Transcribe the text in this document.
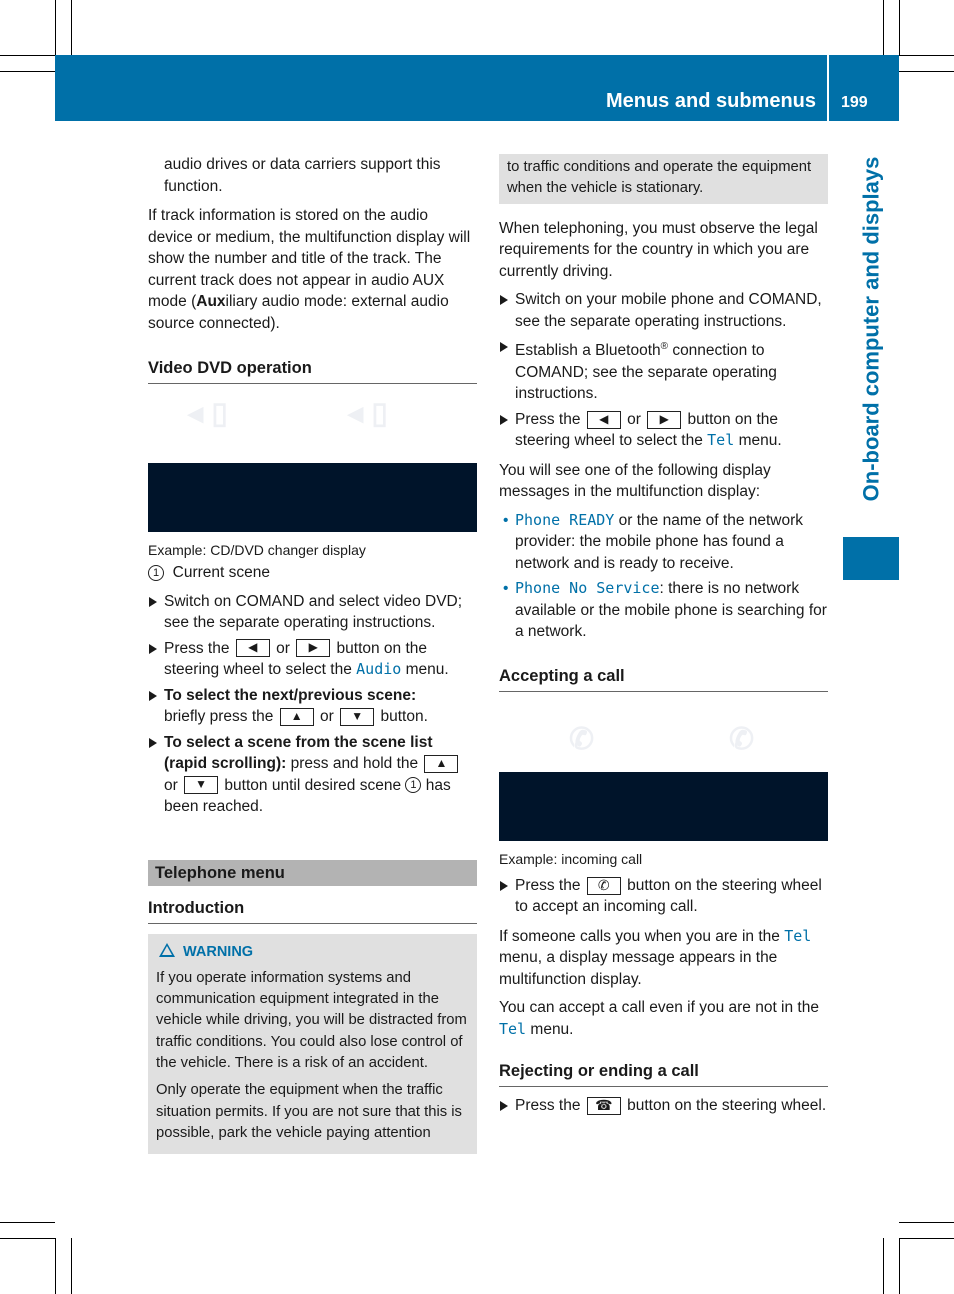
Menus and submenus 199
On-board computer and displays

audio drives or data carriers support this function.

If track information is stored on the audio device or medium, the multifunction display will show the number and title of the track. The current track does not appear in audio AUX mode (Auxiliary audio mode: external audio source connected).

Video DVD operation
◂ ▯	◂ ▯

Example: CD/DVD changer display

1 Current scene

Switch on COMAND and select video DVD; see the separate operating instructions.
Press the ◀ or ▶ button on the steering wheel to select the Audio menu.
To select the next/previous scene:
briefly press the ▲ or ▼ button.
To select a scene from the scene list (rapid scrolling): press and hold the ▲ or ▼ button until desired scene 1 has been reached.
Telephone menu
Introduction
WARNING

If you operate information systems and communication equipment integrated in the vehicle while driving, you will be distracted from traffic conditions. You could also lose control of the vehicle. There is a risk of an accident.

Only operate the equipment when the traffic situation permits. If you are not sure that this is possible, park the vehicle paying attention

to traffic conditions and operate the equipment when the vehicle is stationary.

When telephoning, you must observe the legal requirements for the country in which you are currently driving.

Switch on your mobile phone and COMAND, see the separate operating instructions.
Establish a Bluetooth® connection to COMAND; see the separate operating instructions.
Press the ◀ or ▶ button on the steering wheel to select the Tel menu.

You will see one of the following display messages in the multifunction display:

• Phone READY or the name of the network provider: the mobile phone has found a network and is ready to receive.
• Phone No Service: there is no network available or the mobile phone is searching for a network.
Accepting a call
✆	✆

Example: incoming call

Press the ✆ button on the steering wheel to accept an incoming call.

If someone calls you when you are in the Tel menu, a display message appears in the multifunction display.

You can accept a call even if you are not in the Tel menu.

Rejecting or ending a call
Press the ☎ button on the steering wheel.
